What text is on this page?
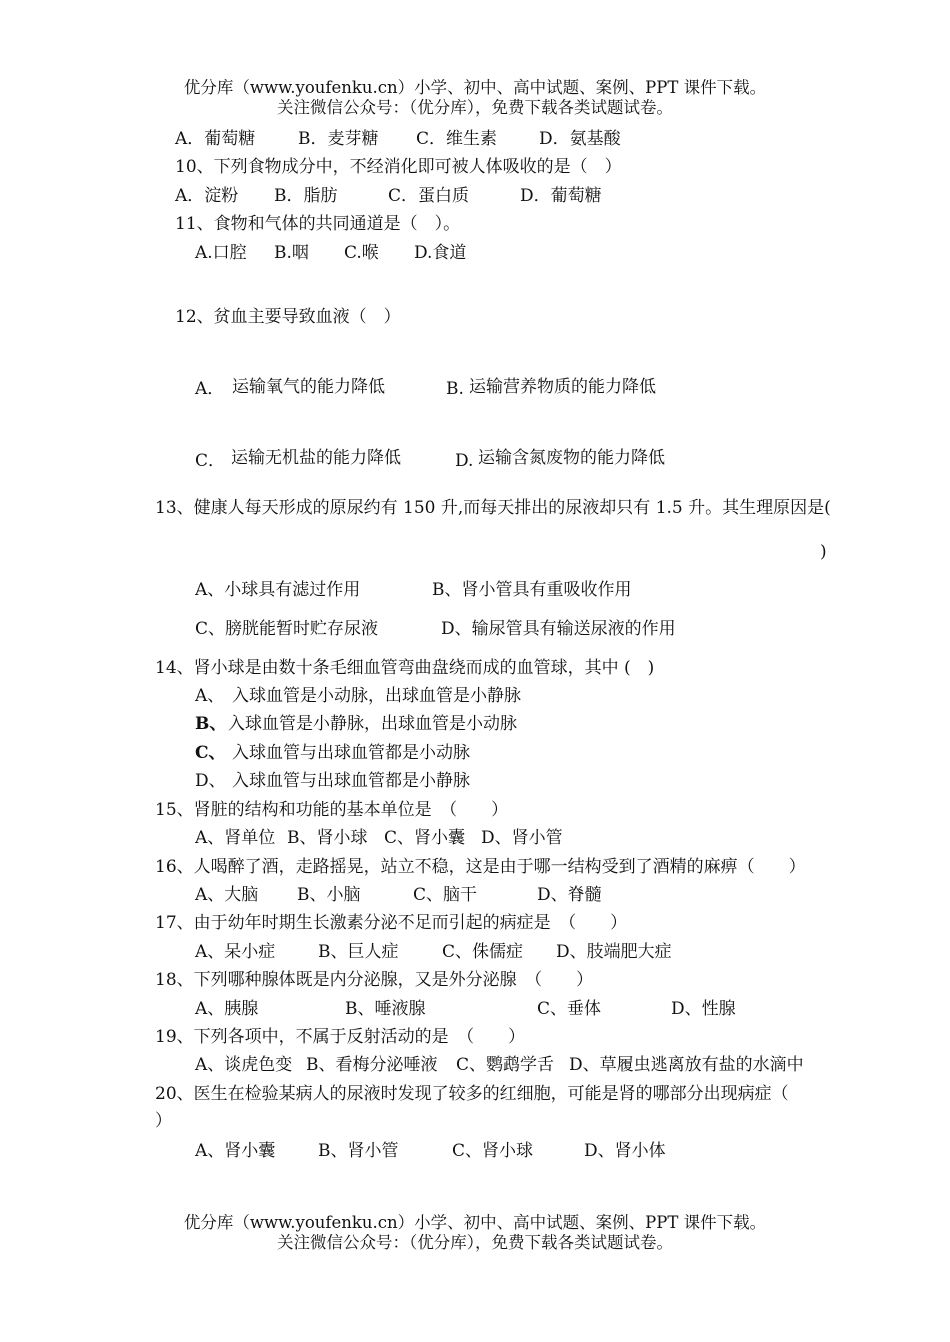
优分库（www.youfenku.cn）小学、初中、高中试题、案例、PPT 课件下载。
关注微信公众号：（优分库），免费下载各类试题试卷。
A．葡萄糖	B．麦芽糖 C．维生素 D．氨基酸
10、下列食物成分中，不经消化即可被人体吸收的是（　）
A．淀粉 B．脂肪	C．蛋白质	D．葡萄糖
11、食物和气体的共同通道是（　）。
A.口腔 B.咽 C.喉 D.食道
12、贫血主要导致血液（　）
A． 运输氧气的能力降低	B. 运输营养物质的能力降低
C． 运输无机盐的能力降低	D. 运输含氮废物的能力降低
13、健康人每天形成的原尿约有 150 升,而每天排出的尿液却只有 1.5 升。其生理原因是(
)
A、小球具有滤过作用	B、肾小管具有重吸收作用
C、膀胱能暂时贮存尿液	D、输尿管具有输送尿液的作用
14、肾小球是由数十条毛细血管弯曲盘绕而成的血管球，其中 (　)
A、 入球血管是小动脉，出球血管是小静脉
B、 入球血管是小静脉，出球血管是小动脉
C、 入球血管与出球血管都是小动脉
D、 入球血管与出球血管都是小静脉
15、肾脏的结构和功能的基本单位是　（　　）
A、肾单位 B、肾小球 C、肾小囊 D、肾小管
16、人喝醉了酒，走路摇晃，站立不稳，这是由于哪一结构受到了酒精的麻痹（　　）
A、大脑 B、小脑	C、脑干	D、脊髓
17、由于幼年时期生长激素分泌不足而引起的病症是　（　　）
A、呆小症	B、巨人症	C、侏儒症 D、肢端肥大症
18、下列哪种腺体既是内分泌腺，又是外分泌腺　（　　）
A、胰腺	B、唾液腺	C、垂体	D、性腺
19、下列各项中，不属于反射活动的是　（　　）
A、谈虎色变 B、看梅分泌唾液 C、鹦鹉学舌 D、草履虫逃离放有盐的水滴中
20、医生在检验某病人的尿液时发现了较多的红细胞，可能是肾的哪部分出现病症（
）
A、肾小囊	B、肾小管	C、肾小球	D、肾小体
优分库（www.youfenku.cn）小学、初中、高中试题、案例、PPT 课件下载。
关注微信公众号：（优分库），免费下载各类试题试卷。
